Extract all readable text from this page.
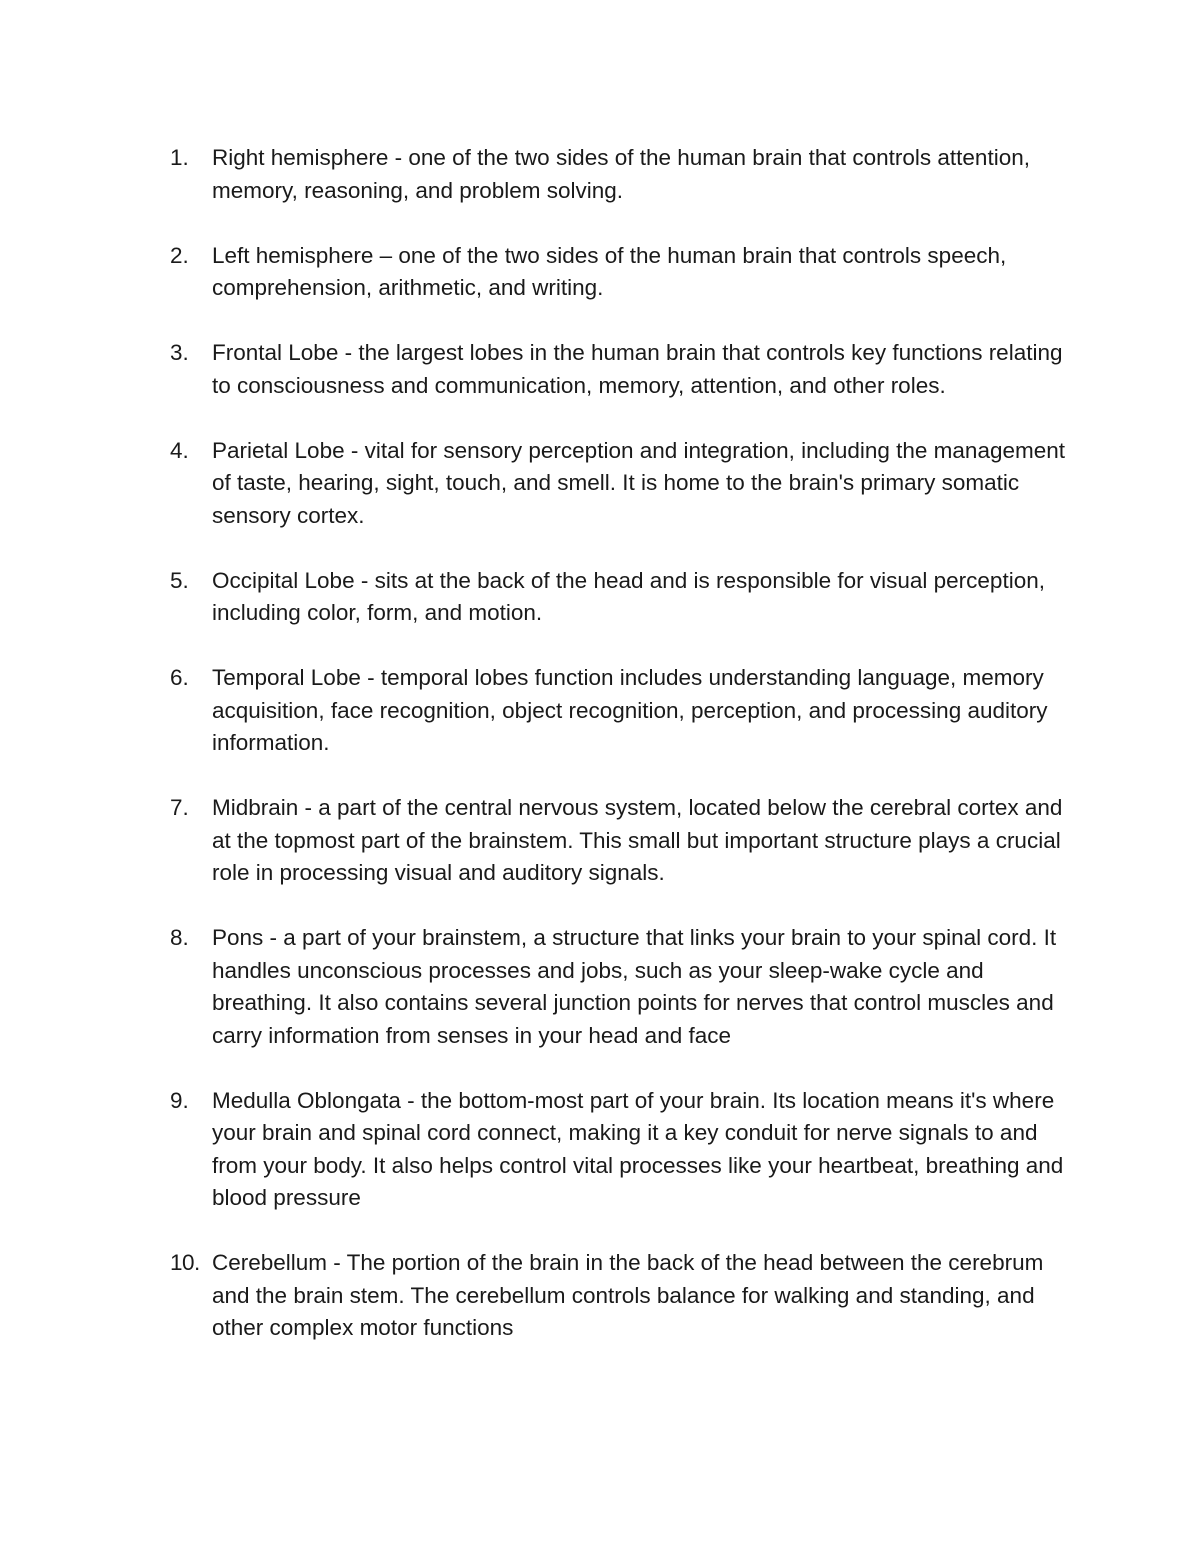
1.	Right hemisphere - one of the two sides of the human brain that controls attention, memory, reasoning, and problem solving.
2.	Left hemisphere – one of the two sides of the human brain that controls speech, comprehension, arithmetic, and writing.
3.	Frontal Lobe - the largest lobes in the human brain that controls key functions relating to consciousness and communication, memory, attention, and other roles.
4.	Parietal Lobe - vital for sensory perception and integration, including the management of taste, hearing, sight, touch, and smell. It is home to the brain's primary somatic sensory cortex.
5.	Occipital Lobe - sits at the back of the head and is responsible for visual perception, including color, form, and motion.
6.	Temporal Lobe - temporal lobes function includes understanding language, memory acquisition, face recognition, object recognition, perception, and processing auditory information.
7.	Midbrain - a part of the central nervous system, located below the cerebral cortex and at the topmost part of the brainstem. This small but important structure plays a crucial role in processing visual and auditory signals.
8.	Pons - a part of your brainstem, a structure that links your brain to your spinal cord. It handles unconscious processes and jobs, such as your sleep-wake cycle and breathing. It also contains several junction points for nerves that control muscles and carry information from senses in your head and face
9.	Medulla Oblongata - the bottom-most part of your brain. Its location means it's where your brain and spinal cord connect, making it a key conduit for nerve signals to and from your body. It also helps control vital processes like your heartbeat, breathing and blood pressure
10. Cerebellum - The portion of the brain in the back of the head between the cerebrum and the brain stem. The cerebellum controls balance for walking and standing, and other complex motor functions
